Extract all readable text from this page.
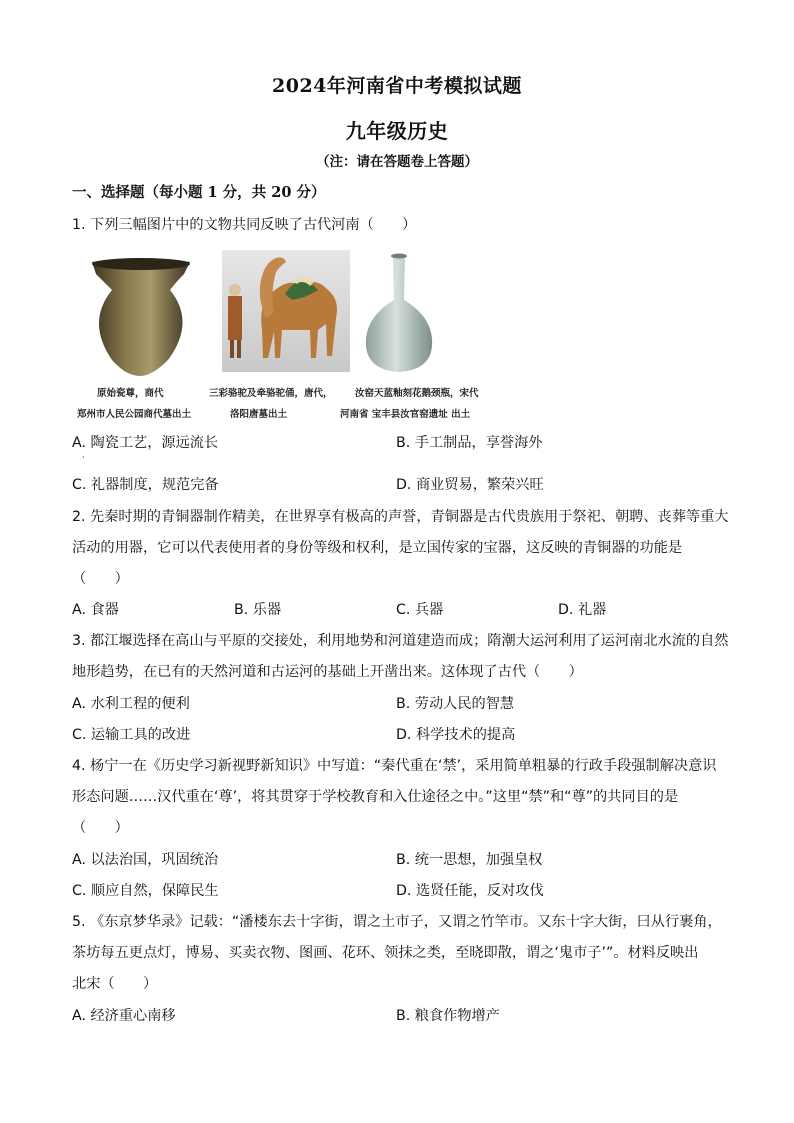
2024年河南省中考模拟试题
九年级历史
（注：请在答题卷上答题）
一、选择题（每小题 1 分，共 20 分）
1. 下列三幅图片中的文物共同反映了古代河南（　　）
原始瓷尊，商代
郑州市人民公园商代墓出土
三彩骆驼及牵骆驼俑，唐代，
洛阳唐墓出土
汝窑天蓝釉刻花鹅颈瓶，宋代
河南省 宝丰县汝官窑遗址 出土
A. 陶瓷工艺，源远流长	B. 手工制品，享誉海外
·
C. 礼器制度，规范完备	D. 商业贸易，繁荣兴旺
2. 先秦时期的青铜器制作精美，在世界享有极高的声誉，青铜器是古代贵族用于祭祀、朝聘、丧葬等重大
活动的用器，它可以代表使用者的身份等级和权利，是立国传家的宝器，这反映的青铜器的功能是
（　　）
A. 食器	B. 乐器	C. 兵器	D. 礼器
3. 都江堰选择在高山与平原的交接处，利用地势和河道建造而成；隋潮大运河利用了运河南北水流的自然
地形趋势，在已有的天然河道和古运河的基础上开凿出来。这体现了古代（　　）
A. 水利工程的便利	B. 劳动人民的智慧
C. 运输工具的改进	D. 科学技术的提高
4. 杨宁一在《历史学习新视野新知识》中写道：“秦代重在‘禁’，采用简单粗暴的行政手段强制解决意识
形态问题……汉代重在‘尊’，将其贯穿于学校教育和入仕途径之中。”这里“禁”和“尊”的共同目的是
（　　）
A. 以法治国，巩固统治	B. 统一思想，加强皇权
C. 顺应自然，保障民生	D. 选贤任能，反对攻伐
5. 《东京梦华录》记载：“潘楼东去十字街，谓之土市子，又谓之竹竿市。又东十字大街，曰从行裹角，
茶坊每五更点灯，博易、买卖衣物、图画、花环、领抹之类，至晓即散，谓之‘鬼市子’”。材料反映出
北宋（　　）
A. 经济重心南移	B. 粮食作物增产
